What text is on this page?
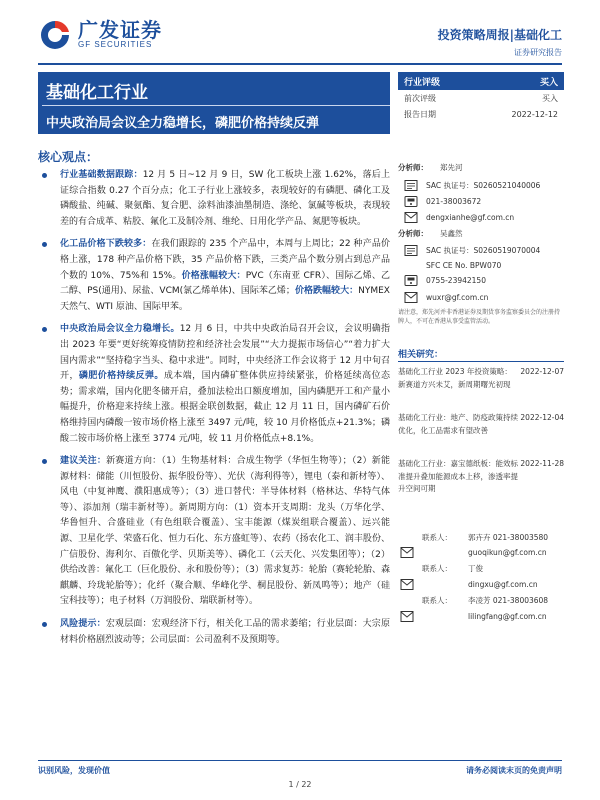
广发证券
GF SECURITIES
投资策略周报|基础化工
证券研究报告
基础化工行业
中央政治局会议全力稳增长，磷肥价格持续反弹
核心观点：
行业基础数据跟踪：12 月 5 日~12 月 9 日，SW 化工板块上涨 1.62%，落后上证综合指数 0.27 个百分点；化工子行业上涨较多，表现较好的有磷肥、磷化工及磷酸盐、纯碱、聚氨酯、复合肥、涂料油漆油墨制造、涤纶、氯碱等板块，表现较差的有合成革、粘胶、氟化工及制冷剂、维纶、日用化学产品、氮肥等板块。
化工品价格下跌较多：在我们跟踪的 235 个产品中，本周与上周比；22 种产品价格上涨，178 种产品价格下跌，35 产品价格下跌，三类产品个数分别占到总产品个数的 10%、75%和 15%。价格涨幅较大：PVC（东南亚 CFR）、国际乙烯、乙二醇、PS(通用)、尿盐、VCM(氯乙烯单体)、国际苯乙烯；价格跌幅较大：NYMEX 天然气、WTI 原油、国际甲苯。
中央政治局会议全力稳增长。12 月 6 日，中共中央政治局召开会议，会议明确指出 2023 年要“更好统筹疫情防控和经济社会发展”“大力提振市场信心”“着力扩大国内需求”“坚持稳字当头、稳中求进”。同时，中央经济工作会议将于 12 月中旬召开，磷肥价格持续反弹。成本端，国内磷矿整体供应持续紧张，价格延续高位态势；需求端，国内化肥冬储开启，叠加法检出口额度增加，国内磷肥开工和产量小幅提升，价格迎来持续上涨。根据金联创数据，截止 12 月 11 日，国内磷矿石价格维持国内磷酸一铵市场价格上涨至 3497 元/吨，较 10 月价格低点+21.3%；磷酸二铵市场价格上涨至 3774 元/吨，较 11 月价格低点+8.1%。
建议关注：新赛道方向：（1）生物基材料：合成生物学（华恒生物等）；（2）新能源材料：储能（川恒股份、振华股份等）、光伏（海利得等），锂电（泰和新材等）、风电（中复神鹰、濮阳惠成等）；（3）进口替代：半导体材料（格林达、华特气体等）、添加剂（瑞丰新材等）。新周期方向：（1）资本开支周期：龙头（万华化学、华鲁恒升、合盛硅业（有色组联合覆盖）、宝丰能源（煤炭组联合覆盖）、远兴能源、卫星化学、荣盛石化、恒力石化、东方盛虹等）、农药（扬农化工、润丰股份、广信股份、海利尔、百傲化学、贝斯美等）、磷化工（云天化、兴发集团等）；（2）供给改善：氟化工（巨化股份、永和股份等）；（3）需求复苏：轮胎（赛轮轮胎、森麒麟、玲珑轮胎等）；化纤（聚合顺、华峰化学、桐昆股份、新凤鸣等）；地产（硅宝科技等）；电子材料（万润股份、瑞联新材等）。
风险提示：宏观层面：宏观经济下行，相关化工品的需求萎缩；行业层面：大宗原材料价格剧烈波动等；公司层面：公司盈利不及预期等。
行业评级	买入
前次评级	买入
报告日期	2022-12-12
分析师：	郑先河
SAC 执证号：S0260521040006
021-38003672
dengxianhe@gf.com.cn
分析师：	吴鑫然
SAC 执证号：S0260519070004
SFC CE No. BPW070
0755-23942150
wuxr@gf.com.cn
请注意，郑先河并非香港证券及期货事务监察委员会的注册持牌人，不可在香港从事受监管活动。
相关研究：
基础化工行业 2023 年投资策略：新赛道方兴未艾，新周期曙光初现
2022-12-07
基础化工行业：地产、防疫政策持续优化，化工品需求有望改善
2022-12-04
基础化工行业：嘉宝德纸板：能效标准提升叠加能源成本上移，渗透率提升空间可期
2022-11-28
联系人：	郭卉卉 021-38003580
guoqikun@gf.com.cn
联系人：	丁俊
dingxu@gf.com.cn
联系人：	李凌芳 021-38003608
lilingfang@gf.com.cn
识别风险，发现价值	请务必阅读末页的免责声明
1 / 22
